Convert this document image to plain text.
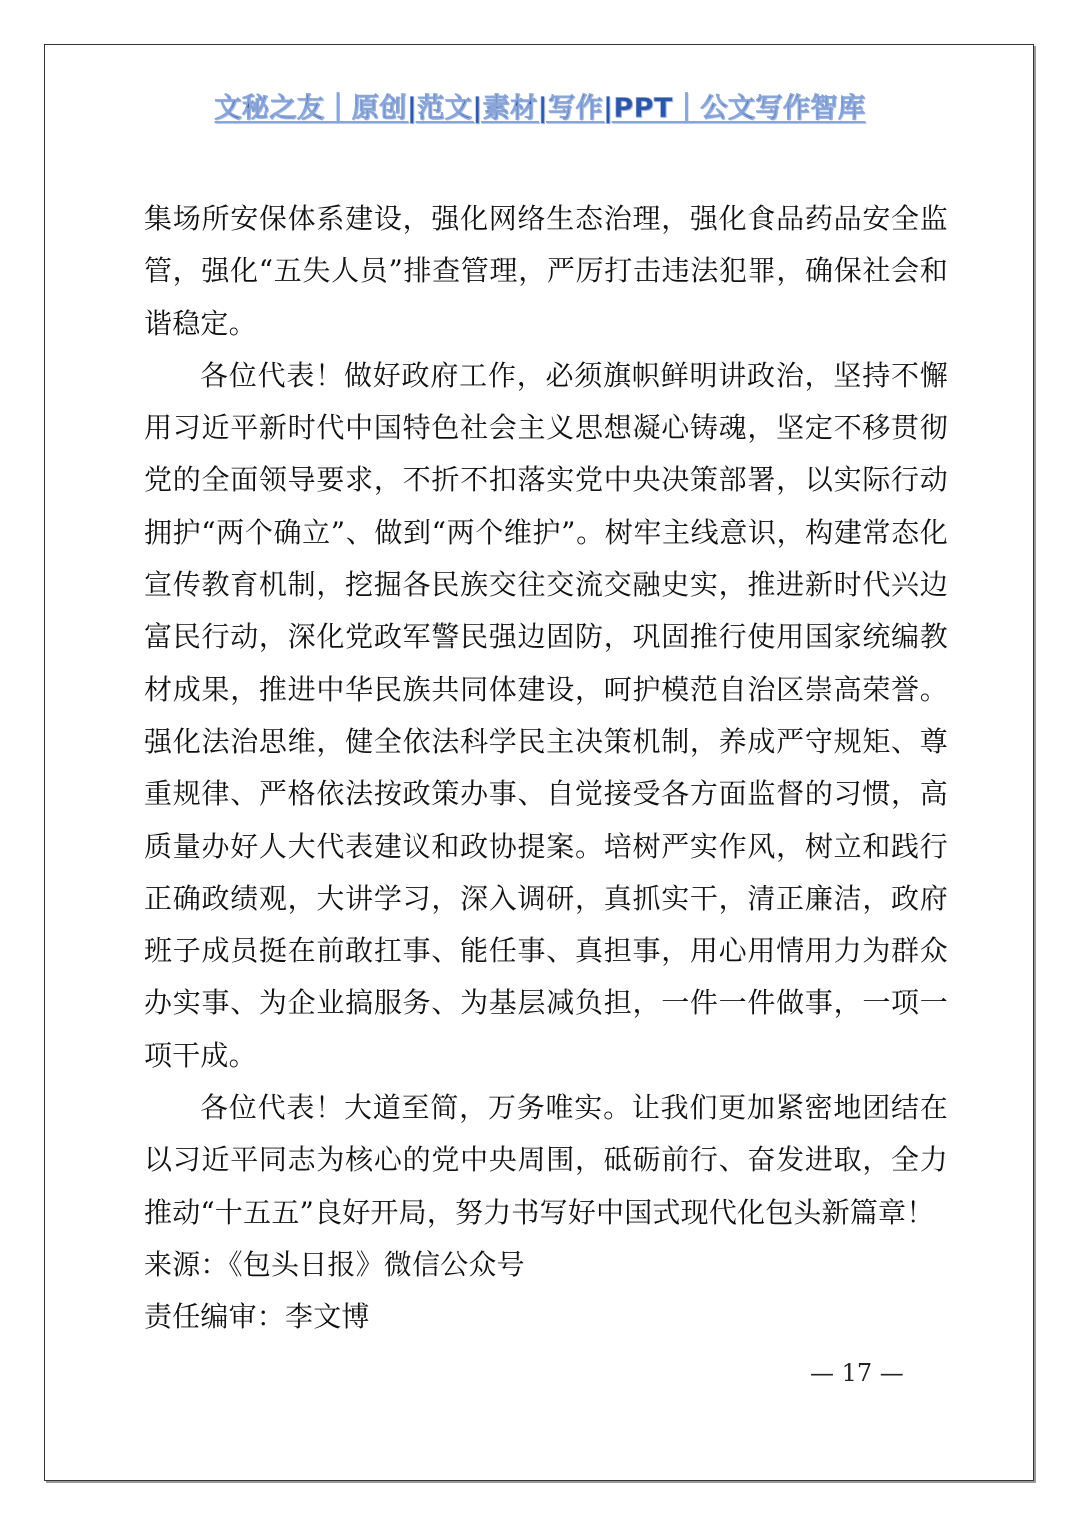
文秘之友｜原创|范文|素材|写作|PPT｜公文写作智库

集场所安保体系建设，强化网络生态治理，强化食品药品安全监管，强化“五失人员”排查管理，严厉打击违法犯罪，确保社会和谐稳定。

各位代表！做好政府工作，必须旗帜鲜明讲政治，坚持不懈用习近平新时代中国特色社会主义思想凝心铸魂，坚定不移贯彻党的全面领导要求，不折不扣落实党中央决策部署，以实际行动拥护“两个确立”、做到“两个维护”。树牢主线意识，构建常态化宣传教育机制，挖掘各民族交往交流交融史实，推进新时代兴边富民行动，深化党政军警民强边固防，巩固推行使用国家统编教材成果，推进中华民族共同体建设，呵护模范自治区崇高荣誉。强化法治思维，健全依法科学民主决策机制，养成严守规矩、尊重规律、严格依法按政策办事、自觉接受各方面监督的习惯，高质量办好人大代表建议和政协提案。培树严实作风，树立和践行正确政绩观，大讲学习，深入调研，真抓实干，清正廉洁，政府班子成员挺在前敢扛事、能任事、真担事，用心用情用力为群众办实事、为企业搞服务、为基层减负担，一件一件做事，一项一项干成。

各位代表！大道至简，万务唯实。让我们更加紧密地团结在以习近平同志为核心的党中央周围，砥砺前行、奋发进取，全力推动“十五五”良好开局，努力书写好中国式现代化包头新篇章！

来源：《包头日报》微信公众号

责任编审：李文博

— 17 —
